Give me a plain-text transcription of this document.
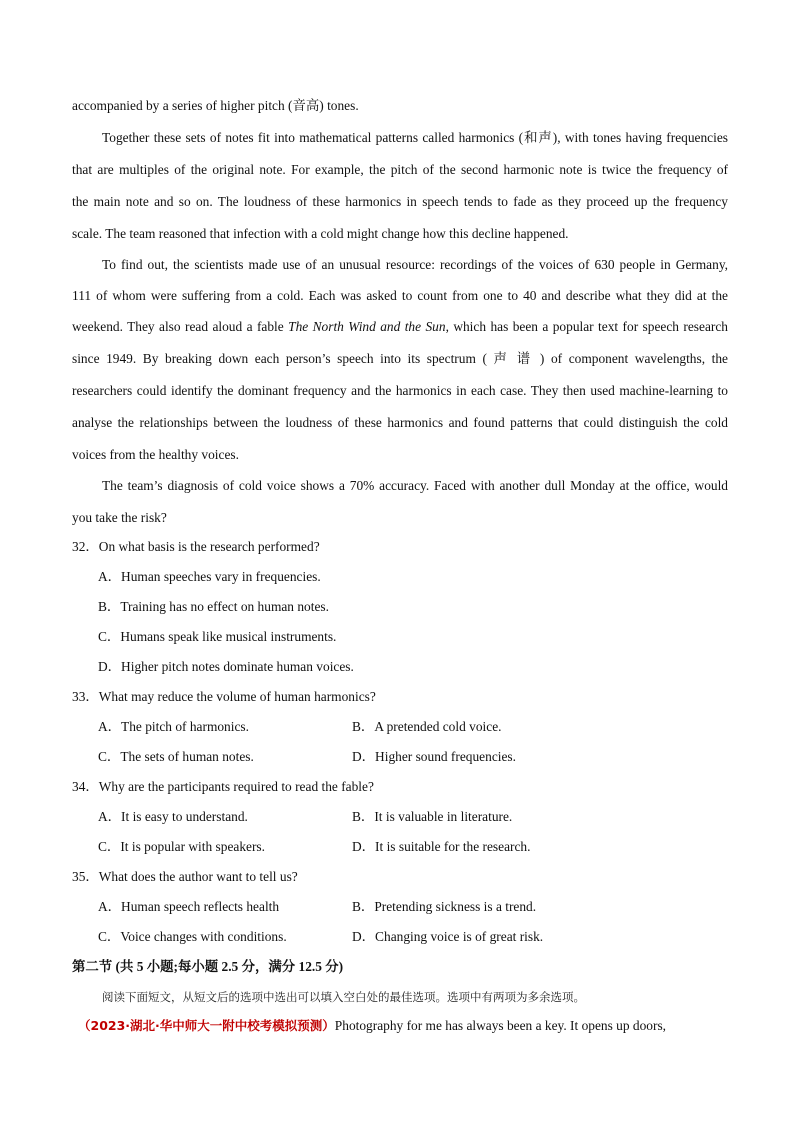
accompanied by a series of higher pitch (音高) tones.
Together these sets of notes fit into mathematical patterns called harmonics (和声), with tones having frequencies
that are multiples of the original note. For example, the pitch of the second harmonic note is twice the frequency of
the main note and so on. The loudness of these harmonics in speech tends to fade as they proceed up the frequency
scale. The team reasoned that infection with a cold might change how this decline happened.
To find out, the scientists made use of an unusual resource: recordings of the voices of 630 people in Germany,
111 of whom were suffering from a cold. Each was asked to count from one to 40 and describe what they did at the
weekend. They also read aloud a fable The North Wind and the Sun, which has been a popular text for speech research
since 1949. By breaking down each person’s speech into its spectrum ( 声 谱 ) of component wavelengths, the
researchers could identify the dominant frequency and the harmonics in each case. They then used machine-learning to
analyse the relationships between the loudness of these harmonics and found patterns that could distinguish the cold
voices from the healthy voices.
The team’s diagnosis of cold voice shows a 70% accuracy. Faced with another dull Monday at the office, would
you take the risk?
32．On what basis is the research performed?
A．Human speeches vary in frequencies.
B．Training has no effect on human notes.
C．Humans speak like musical instruments.
D．Higher pitch notes dominate human voices.
33．What may reduce the volume of human harmonics?
A．The pitch of harmonics.	B．A pretended cold voice.
C．The sets of human notes.	D．Higher sound frequencies.
34．Why are the participants required to read the fable?
A．It is easy to understand.	B．It is valuable in literature.
C．It is popular with speakers.	D．It is suitable for the research.
35．What does the author want to tell us?
A．Human speech reflects health	B．Pretending sickness is a trend.
C．Voice changes with conditions.	D．Changing voice is of great risk.
第二节 (共 5 小题;每小题 2.5 分，满分 12.5 分)
阅读下面短文，从短文后的选项中选出可以填入空白处的最佳选项。选项中有两项为多余选项。
（2023·湖北·华中师大一附中校考模拟预测）Photography for me has always been a key. It opens up doors,
